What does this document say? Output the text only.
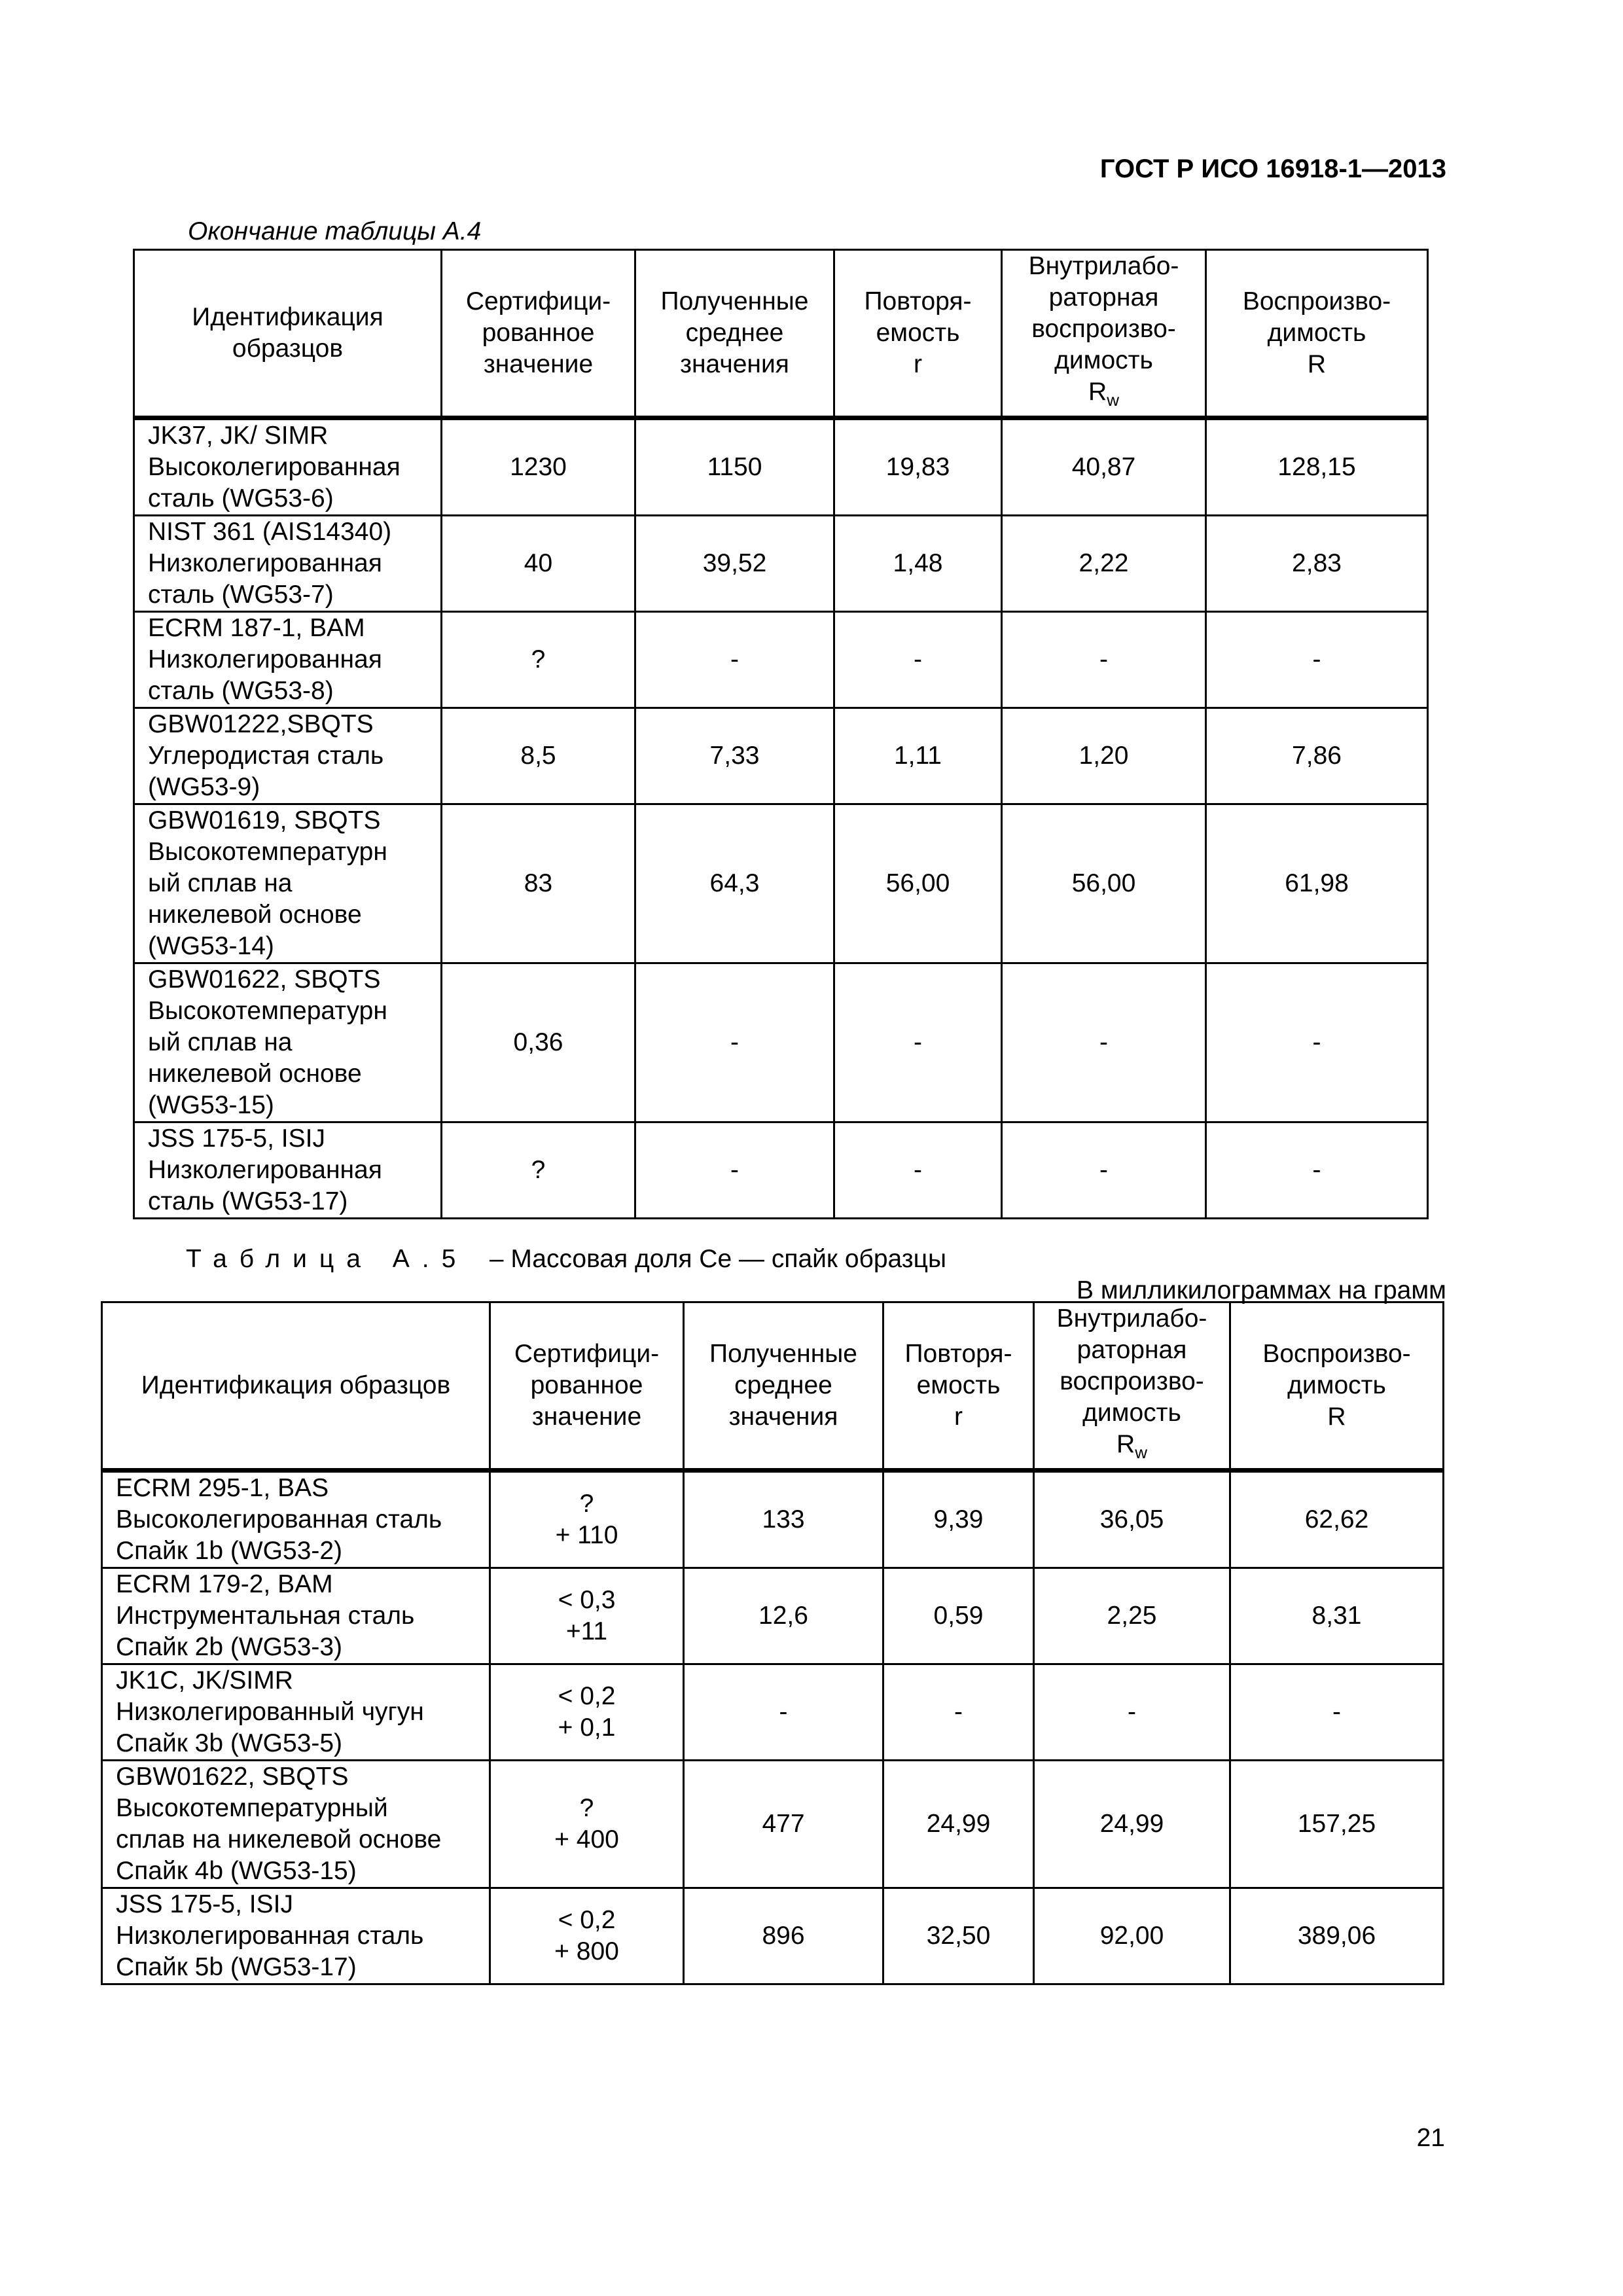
ГОСТ Р ИСО 16918-1—2013
Окончание таблицы А.4
Идентификация
образцов	Сертифици-
рованное
значение	Полученные
среднее
значения	Повторя-
емость
r	Внутрилабо-
раторная
воспроизво-
димость
$R_w$	Воспроизво-
димость
R

JK37, JK/ SIMR
Высоколегированная
сталь (WG53-6)	1230	1150	19,83	40,87	128,15

NIST 361 (AIS14340)
Низколегированная
сталь (WG53-7)	40	39,52	1,48	2,22	2,83

ECRM 187-1, BAM
Низколегированная
сталь (WG53-8)	?	-	-	-	-

GBW01222,SBQTS
Углеродистая сталь
(WG53-9)	8,5	7,33	1,11	1,20	7,86

GBW01619, SBQTS
Высокотемпературн
ый сплав на
никелевой основе
(WG53-14)	83	64,3	56,00	56,00	61,98

GBW01622, SBQTS
Высокотемпературн
ый сплав на
никелевой основе
(WG53-15)	0,36	-	-	-	-

JSS 175-5, ISIJ
Низколегированная
сталь (WG53-17)	?	-	-	-	-
Таблица А.5 – Массовая доля Се — спайк образцы
В милликилограммах на грамм
Идентификация образцов	Сертифици-
рованное
значение	Полученные
среднее
значения	Повторя-
емость
r	Внутрилабо-
раторная
воспроизво-
димость
$R_w$	Воспроизво-
димость
R

ECRM 295-1, BAS
Высоколегированная сталь
Спайк 1b (WG53-2)	?
+ 110	133	9,39	36,05	62,62

ECRM 179-2, BAM
Инструментальная сталь
Спайк 2b (WG53-3)	< 0,3
+11	12,6	0,59	2,25	8,31

JK1C, JK/SIMR
Низколегированный чугун
Спайк 3b (WG53-5)	< 0,2
+ 0,1	-	-	-	-

GBW01622, SBQTS
Высокотемпературный
сплав на никелевой основе
Спайк 4b (WG53-15)	?
+ 400	477	24,99	24,99	157,25

JSS 175-5, ISIJ
Низколегированная сталь
Спайк 5b (WG53-17)	< 0,2
+ 800	896	32,50	92,00	389,06
21
